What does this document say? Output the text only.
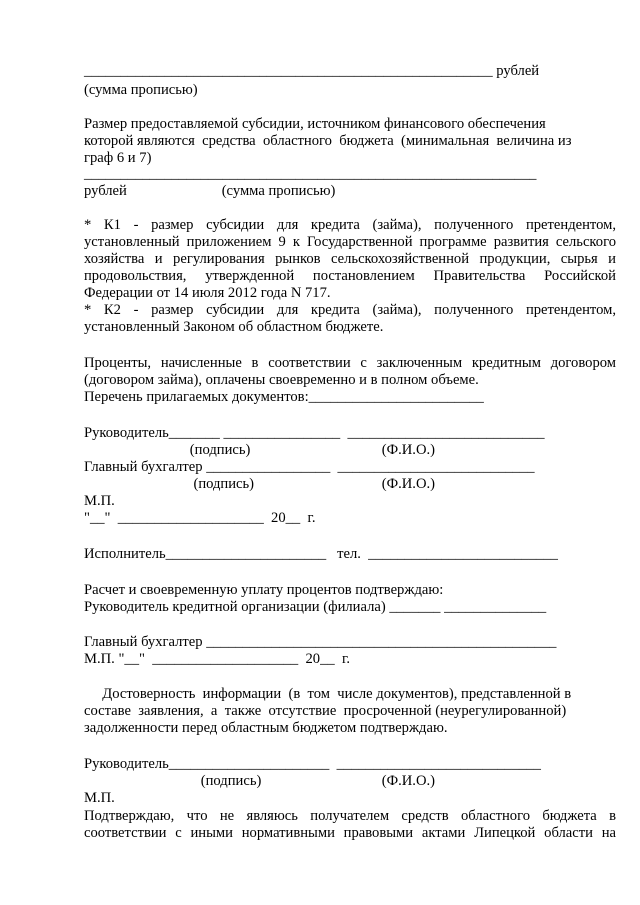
________________________________________________________ рублей
(сумма прописью)
Размер предоставляемой субсидии, источником финансового обеспечения
которой являются  средства  областного  бюджета  (минимальная  величина из
граф 6 и 7)
______________________________________________________________
рублей                          (сумма прописью)
* К1 - размер субсидии для кредита (займа), полученного претендентом,
установленный приложением 9 к Государственной программе развития сельского
хозяйства и регулирования рынков сельскохозяйственной продукции, сырья и
продовольствия, утвержденной постановлением Правительства Российской
Федерации от 14 июля 2012 года N 717.
* К2 - размер субсидии для кредита (займа), полученного претендентом,
установленный Законом об областном бюджете.
Проценты, начисленные в соответствии с заключенным кредитным договором
(договором займа), оплачены своевременно и в полном объеме.
Перечень прилагаемых документов:________________________
Руководитель_______ ________________  ___________________________
(подпись)                                    (Ф.И.О.)
Главный бухгалтер _________________  ___________________________
(подпись)                                   (Ф.И.О.)
М.П.
"__"  ____________________  20__  г.
Исполнитель______________________   тел.  __________________________
Расчет и своевременную уплату процентов подтверждаю:
Руководитель кредитной организации (филиала) _______ ______________
Главный бухгалтер ________________________________________________
М.П. "__"  ____________________  20__  г.
Достоверность  информации  (в  том  числе документов), представленной в
составе  заявления,  а  также  отсутствие  просроченной (неурегулированной)
задолженности перед областным бюджетом подтверждаю.
Руководитель______________________  ____________________________
(подпись)                                 (Ф.И.О.)
М.П.
Подтверждаю, что не являюсь получателем средств областного бюджета в
соответствии с иными нормативными правовыми актами Липецкой области на
